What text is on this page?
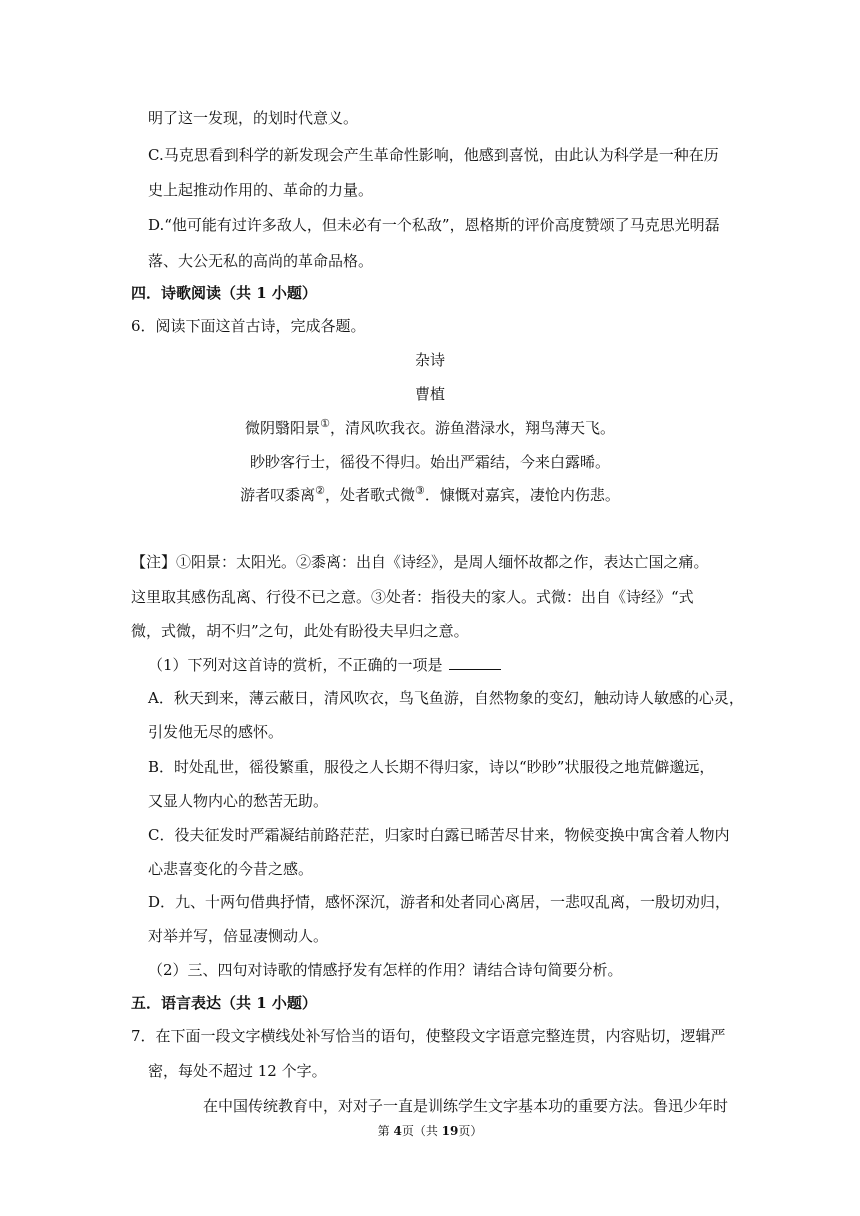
明了这一发现，的划时代意义。
C.马克思看到科学的新发现会产生革命性影响，他感到喜悦，由此认为科学是一种在历
史上起推动作用的、革命的力量。
D.“他可能有过许多敌人，但未必有一个私敌”，恩格斯的评价高度赞颂了马克思光明磊
落、大公无私的高尚的革命品格。
四．诗歌阅读（共 1 小题）
6．阅读下面这首古诗，完成各题。
杂诗
曹植
微阴翳阳景①，清风吹我衣。游鱼潜渌水，翔鸟薄天飞。
眇眇客行士，徭役不得归。始出严霜结，今来白露晞。
游者叹黍离②，处者歌式微③．慷慨对嘉宾，凄怆内伤悲。
【注】①阳景：太阳光。②黍离：出自《诗经》，是周人缅怀故都之作，表达亡国之痛。
这里取其感伤乱离、行役不已之意。③处者：指役夫的家人。式微：出自《诗经》“式
微，式微，胡不归”之句，此处有盼役夫早归之意。
（1）下列对这首诗的赏析，不正确的一项是
A．秋天到来，薄云蔽日，清风吹衣，鸟飞鱼游，自然物象的变幻，触动诗人敏感的心灵，
引发他无尽的感怀。
B．时处乱世，徭役繁重，服役之人长期不得归家，诗以“眇眇”状服役之地荒僻邈远，
又显人物内心的愁苦无助。
C．役夫征发时严霜凝结前路茫茫，归家时白露已晞苦尽甘来，物候变换中寓含着人物内
心悲喜变化的今昔之感。
D．九、十两句借典抒情，感怀深沉，游者和处者同心离居，一悲叹乱离，一殷切劝归，
对举并写，倍显凄恻动人。
（2）三、四句对诗歌的情感抒发有怎样的作用？请结合诗句简要分析。
五．语言表达（共 1 小题）
7．在下面一段文字横线处补写恰当的语句，使整段文字语意完整连贯，内容贴切，逻辑严
密，每处不超过 12 个字。
在中国传统教育中，对对子一直是训练学生文字基本功的重要方法。鲁迅少年时
第 4页（共 19页）
